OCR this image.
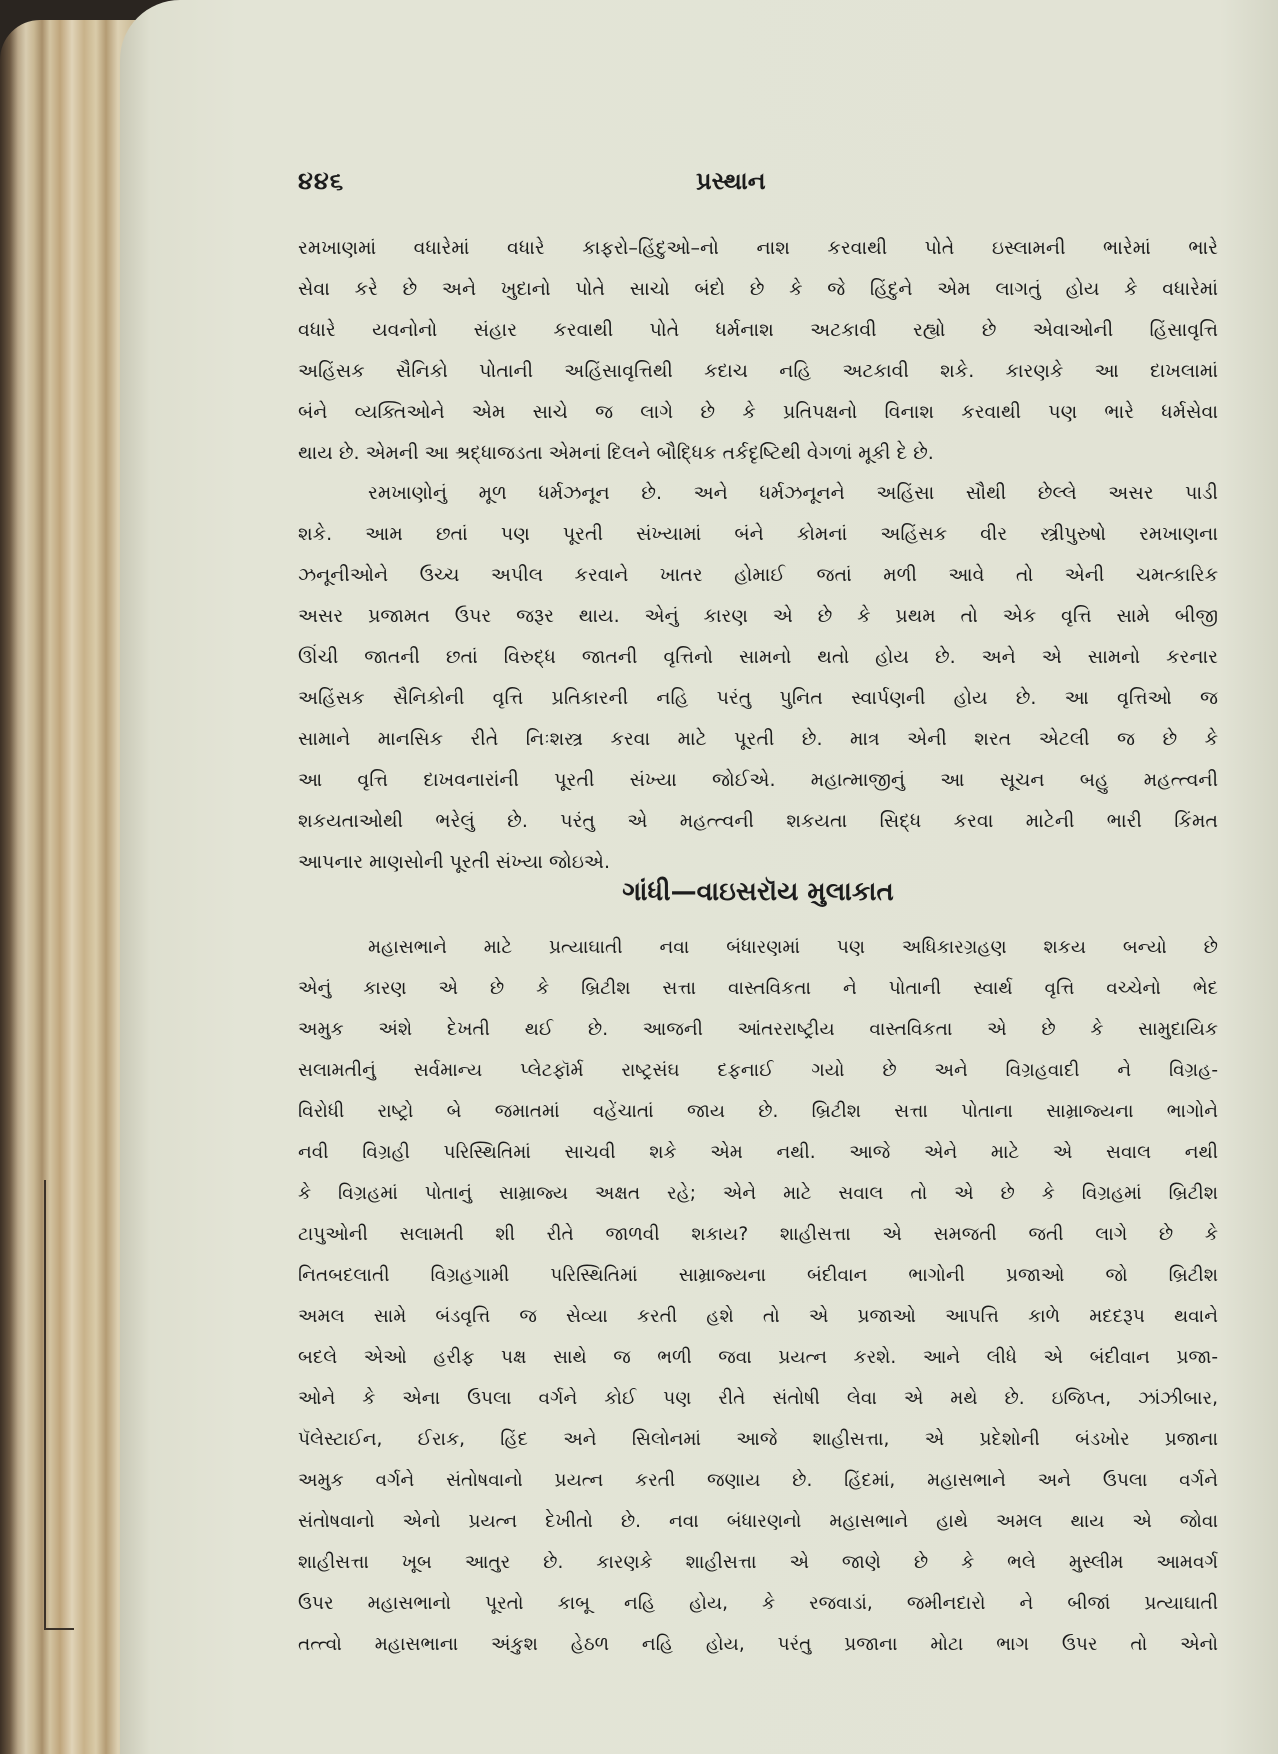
૪૪૬	પ્રસ્થાન
રમખાણમાં વધારેમાં વધારે કાફરો–હિંદુઓ–નો નાશ કરવાથી પોતે ઇસ્લામની ભારેમાં ભારે
સેવા કરે છે અને ખુદાનો પોતે સાચો બંદો છે કે જે હિંદુને એમ લાગતું હોય કે વધારેમાં
વધારે યવનોનો સંહાર કરવાથી પોતે ધર્મનાશ અટકાવી રહ્યો છે એવાઓની હિંસાવૃત્તિ
અહિંસક સૈનિકો પોતાની અહિંસાવૃત્તિથી કદાચ નહિ અટકાવી શકે. કારણકે આ દાખલામાં
બંને વ્યક્તિઓને એમ સાચે જ લાગે છે કે પ્રતિપક્ષનો વિનાશ કરવાથી પણ ભારે ધર્મસેવા
થાય છે. એમની આ શ્રદ્ધાજડતા એમનાં દિલને બૌદ્ધિક તર્કદૃષ્ટિથી વેગળાં મૂકી દે છે.
રમખાણોનું મૂળ ધર્મઝનૂન છે. અને ધર્મઝનૂનને અહિંસા સૌથી છેલ્લે અસર પાડી
શકે. આમ છતાં પણ પૂરતી સંખ્યામાં બંને કોમનાં અહિંસક વીર સ્ત્રીપુરુષો રમખાણના
ઝનૂનીઓને ઉચ્ચ અપીલ કરવાને ખાતર હોમાઈ જતાં મળી આવે તો એની ચમત્કારિક
અસર પ્રજામત ઉપર જરૂર થાય. એનું કારણ એ છે કે પ્રથમ તો એક વૃત્તિ સામે બીજી
ઊંચી જાતની છતાં વિરુદ્ધ જાતની વૃત્તિનો સામનો થતો હોય છે. અને એ સામનો કરનાર
અહિંસક સૈનિકોની વૃત્તિ પ્રતિકારની નહિ પરંતુ પુનિત સ્વાર્પણની હોય છે. આ વૃત્તિઓ જ
સામાને માનસિક રીતે નિઃશસ્ત્ર કરવા માટે પૂરતી છે. માત્ર એની શરત એટલી જ છે કે
આ વૃત્તિ દાખવનારાંની પૂરતી સંખ્યા જોઈએ. મહાત્માજીનું આ સૂચન બહુ મહત્ત્વની
શકયતાઓથી ભરેલું છે. પરંતુ એ મહત્ત્વની શકયતા સિદ્ધ કરવા માટેની ભારી કિંમત
આપનાર માણસોની પૂરતી સંખ્યા જોઇએ.
ગાંધી—વાઇસરૉય મુલાકાત
મહાસભાને માટે પ્રત્યાઘાતી નવા બંધારણમાં પણ અધિકારગ્રહણ શકય બન્યો છે
એનું કારણ એ છે કે બ્રિટીશ સત્તા વાસ્તવિકતા ને પોતાની સ્વાર્થ વૃત્તિ વચ્ચેનો ભેદ
અમુક અંશે દેખતી થઈ છે. આજની આંતરરાષ્ટ્રીય વાસ્તવિકતા એ છે કે સામુદાયિક
સલામતીનું સર્વમાન્ય પ્લેટફૉર્મ રાષ્ટ્રસંઘ દફનાઈ ગયો છે અને વિગ્રહવાદી ને વિગ્રહ-
વિરોધી રાષ્ટ્રો બે જમાતમાં વહેંચાતાં જાય છે. બ્રિટીશ સત્તા પોતાના સામ્રાજ્યના ભાગોને
નવી વિગ્રહી પરિસ્થિતિમાં સાચવી શકે એમ નથી. આજે એને માટે એ સવાલ નથી
કે વિગ્રહમાં પોતાનું સામ્રાજ્ય અક્ષત રહે; એને માટે સવાલ તો એ છે કે વિગ્રહમાં બ્રિટીશ
ટાપુઓની સલામતી શી રીતે જાળવી શકાય? શાહીસત્તા એ સમજતી જતી લાગે છે કે
નિતબદલાતી વિગ્રહગામી પરિસ્થિતિમાં સામ્રાજ્યના બંદીવાન ભાગોની પ્રજાઓ જો બ્રિટીશ
અમલ સામે બંડવૃત્તિ જ સેવ્યા કરતી હશે તો એ પ્રજાઓ આપત્તિ કાળે મદદરૂપ થવાને
બદલે એઓ હરીફ પક્ષ સાથે જ ભળી જવા પ્રયત્ન કરશે. આને લીધે એ બંદીવાન પ્રજા-
ઓને કે એના ઉપલા વર્ગને કોઈ પણ રીતે સંતોષી લેવા એ મથે છે. ઇજિપ્ત, ઝાંઝીબાર,
પૅલેસ્ટાઈન, ઈરાક, હિંદ અને સિલોનમાં આજે શાહીસત્તા, એ પ્રદેશોની બંડખોર પ્રજાના
અમુક વર્ગને સંતોષવાનો પ્રયત્ન કરતી જણાય છે. હિંદમાં, મહાસભાને અને ઉપલા વર્ગને
સંતોષવાનો એનો પ્રયત્ન દેખીતો છે. નવા બંધારણનો મહાસભાને હાથે અમલ થાય એ જોવા
શાહીસત્તા ખૂબ આતુર છે. કારણકે શાહીસત્તા એ જાણે છે કે ભલે મુસ્લીમ આમવર્ગ
ઉપર મહાસભાનો પૂરતો કાબૂ નહિ હોય, કે રજવાડાં, જમીનદારો ને બીજાં પ્રત્યાઘાતી
તત્ત્વો મહાસભાના અંકુશ હેઠળ નહિ હોય, પરંતુ પ્રજાના મોટા ભાગ ઉપર તો એનો
